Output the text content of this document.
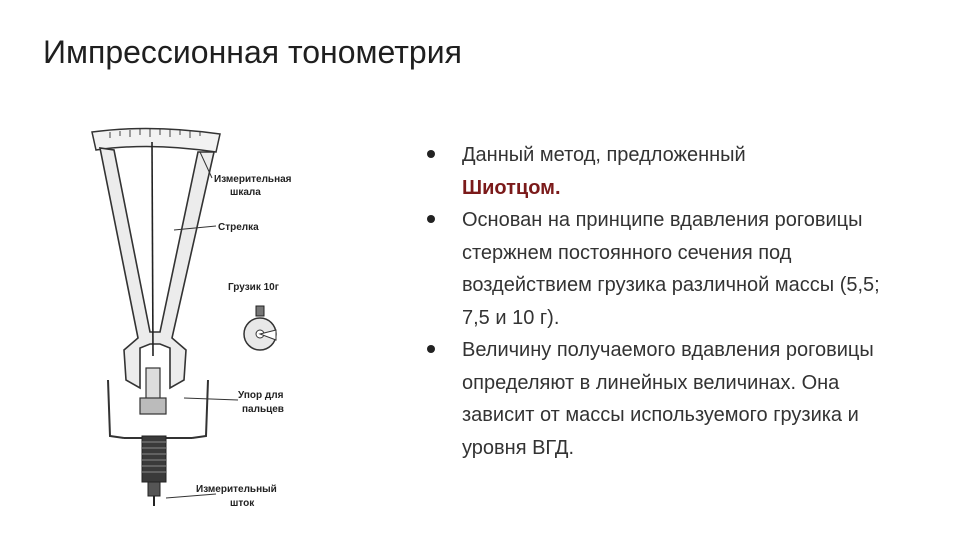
Импрессионная тонометрия
Измерительная шкала
Стрелка
Грузик 10г
Упор для пальцев
Измерительный шток
Данный метод, предложенный
Шиотцом.
Основан на принципе вдавления роговицы стержнем постоянного сечения под воздействием грузика различной массы (5,5; 7,5 и 10 г).
Величину получаемого вдавления роговицы определяют в линейных величинах. Она зависит от массы используемого грузика и уровня ВГД.
